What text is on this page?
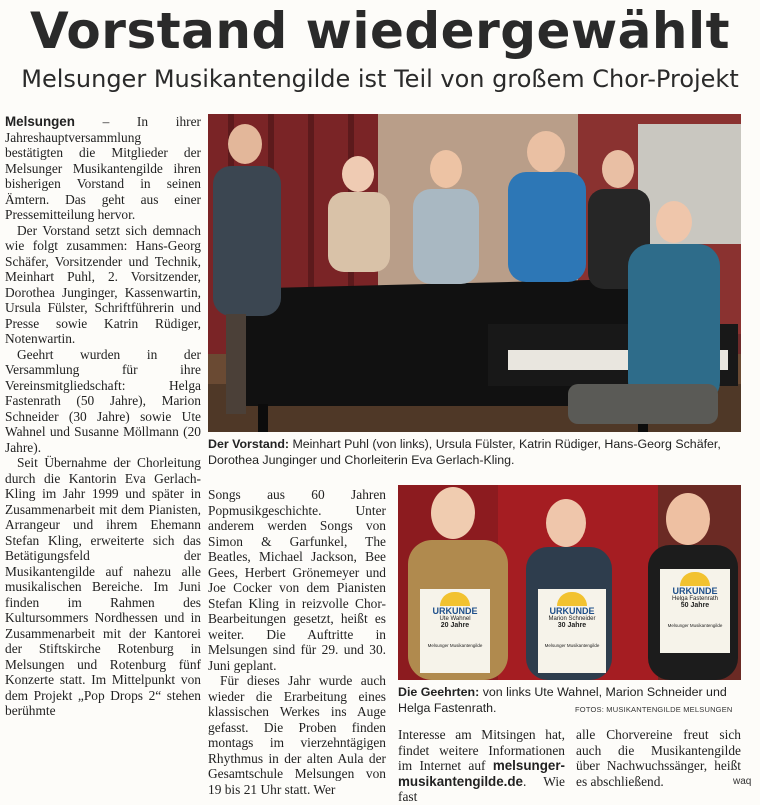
Vorstand wiedergewählt
Melsunger Musikantengilde ist Teil von großem Chor-Projekt

Melsungen – In ihrer Jahreshauptversammlung bestätigten die Mitglieder der Melsunger Musikantengilde ihren bisherigen Vorstand in seinen Ämtern. Das geht aus einer Pressemitteilung hervor.

Der Vorstand setzt sich demnach wie folgt zusammen: Hans-Georg Schäfer, Vorsitzender und Technik, Meinhart Puhl, 2. Vorsitzender, Dorothea Junginger, Kassenwartin, Ursula Fülster, Schriftführerin und Presse sowie Katrin Rüdiger, Notenwartin.

Geehrt wurden in der Versammlung für ihre Vereinsmitgliedschaft: Helga Fastenrath (50 Jahre), Marion Schneider (30 Jahre) sowie Ute Wahnel und Susanne Möllmann (20 Jahre).

Seit Übernahme der Chorleitung durch die Kantorin Eva Gerlach-Kling im Jahr 1999 und später in Zusammenarbeit mit dem Pianisten, Arrangeur und ihrem Ehemann Stefan Kling, erweiterte sich das Betätigungsfeld der Musikantengilde auf nahezu alle musikalischen Bereiche. Im Juni finden im Rahmen des Kultursommers Nordhessen und in Zusammenarbeit mit der Kantorei der Stiftskirche Rotenburg in Melsungen und Rotenburg fünf Konzerte statt. Im Mittelpunkt von dem Projekt „Pop Drops 2“ stehen berühmte

Der Vorstand: Meinhart Puhl (von links), Ursula Fülster, Katrin Rüdiger, Hans-Georg Schäfer, Dorothea Junginger und Chorleiterin Eva Gerlach-Kling.

Songs aus 60 Jahren Popmusikgeschichte. Unter anderem werden Songs von Simon & Garfunkel, The Beatles, Michael Jackson, Bee Gees, Herbert Grönemeyer und Joe Cocker von dem Pianisten Stefan Kling in reizvolle Chor-Bearbeitungen gesetzt, heißt es weiter. Die Auftritte in Melsungen sind für 29. und 30. Juni geplant.

Für dieses Jahr wurde auch wieder die Erarbeitung eines klassischen Werkes ins Auge gefasst. Die Proben finden montags im vierzehntägigen Rhythmus in der alten Aula der Gesamtschule Melsungen von 19 bis 21 Uhr statt. Wer

URKUNDE
Ute Wahnel
20 Jahre
Melsunger Musikantengilde
URKUNDE
Marion Schneider
30 Jahre
Melsunger Musikantengilde
URKUNDE
Helga Fastenrath
50 Jahre
Melsunger Musikantengilde
Die Geehrten: von links Ute Wahnel, Marion Schneider und Helga Fastenrath.	FOTOS: MUSIKANTENGILDE MELSUNGEN

Interesse am Mitsingen hat, findet weitere Informationen im Internet auf melsunger-musikantengilde.de. Wie fast

alle Chorvereine freut sich auch die Musikantengilde über Nachwuchssänger, heißt es abschließend.	waq
